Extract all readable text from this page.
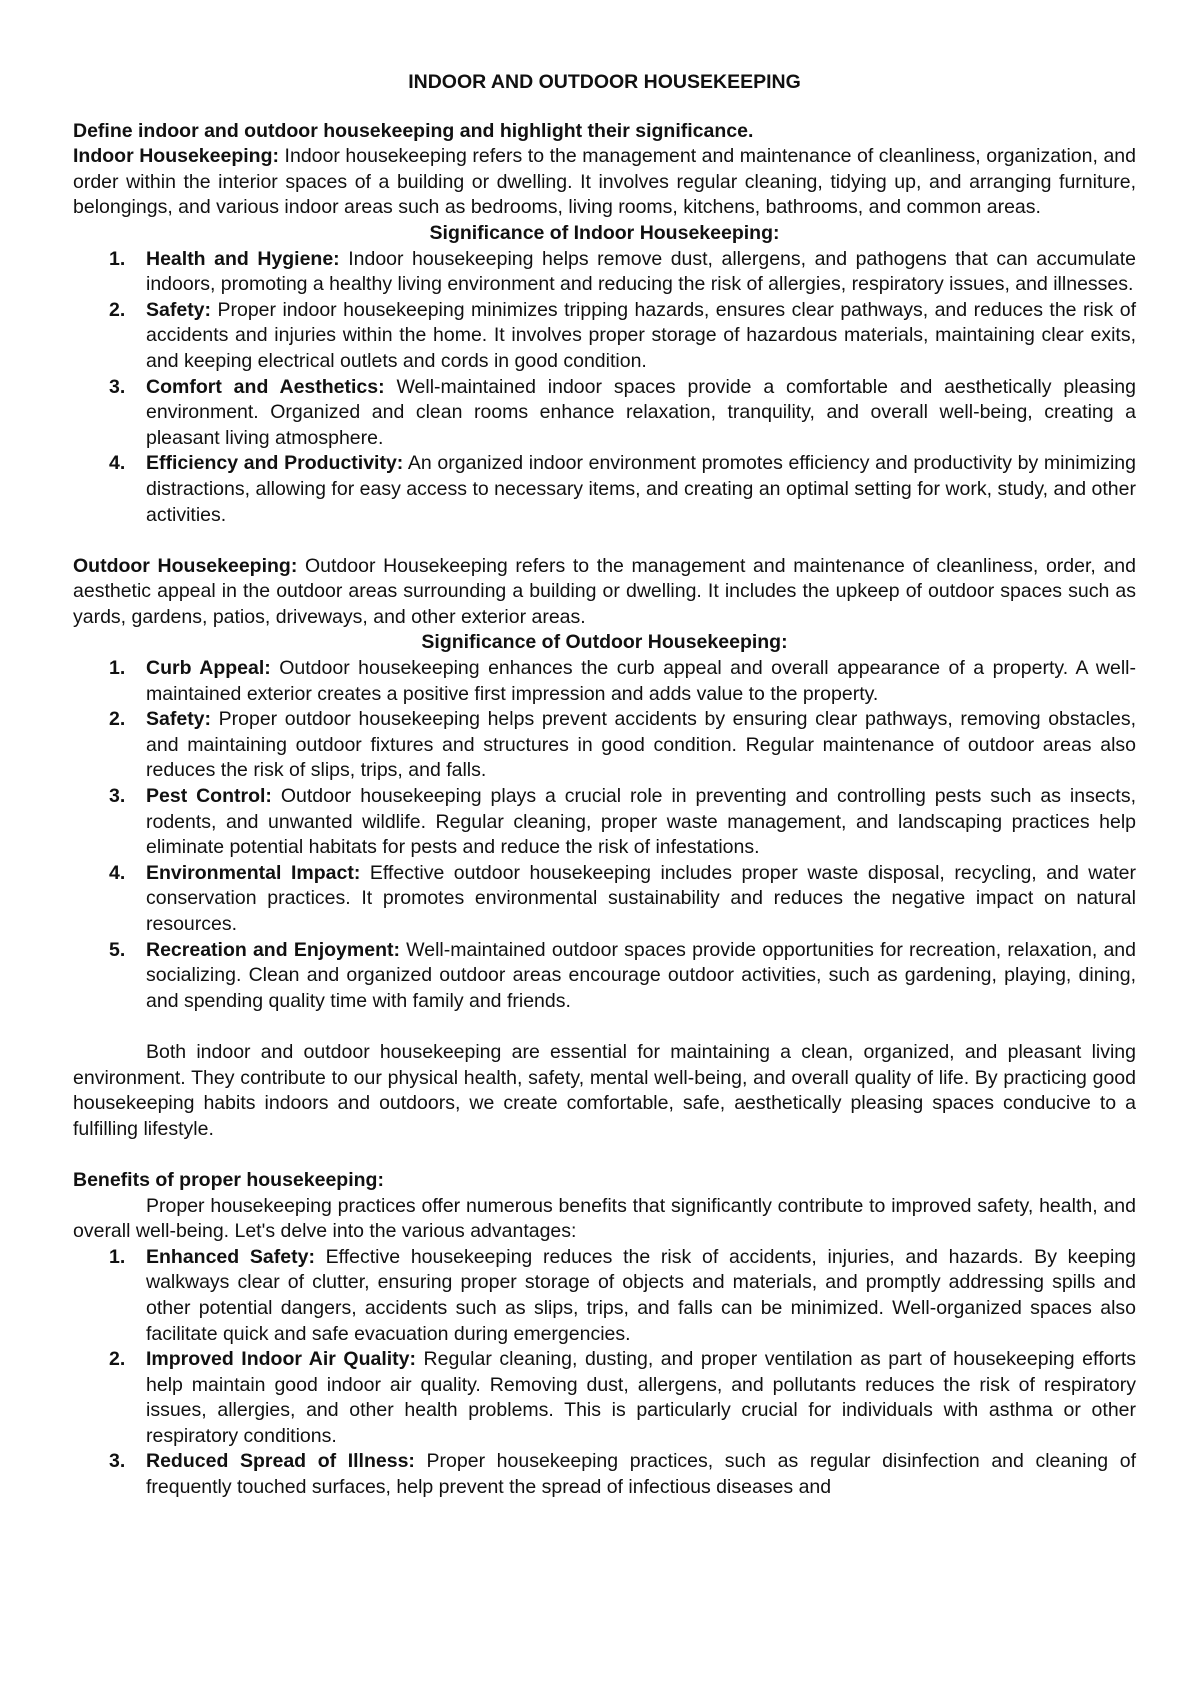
INDOOR AND OUTDOOR HOUSEKEEPING

Define indoor and outdoor housekeeping and highlight their significance.

Indoor Housekeeping: Indoor housekeeping refers to the management and maintenance of cleanliness, organization, and order within the interior spaces of a building or dwelling. It involves regular cleaning, tidying up, and arranging furniture, belongings, and various indoor areas such as bedrooms, living rooms, kitchens, bathrooms, and common areas.

Significance of Indoor Housekeeping:

1. Health and Hygiene: Indoor housekeeping helps remove dust, allergens, and pathogens that can accumulate indoors, promoting a healthy living environment and reducing the risk of allergies, respiratory issues, and illnesses.
2. Safety: Proper indoor housekeeping minimizes tripping hazards, ensures clear pathways, and reduces the risk of accidents and injuries within the home. It involves proper storage of hazardous materials, maintaining clear exits, and keeping electrical outlets and cords in good condition.
3. Comfort and Aesthetics: Well-maintained indoor spaces provide a comfortable and aesthetically pleasing environment. Organized and clean rooms enhance relaxation, tranquility, and overall well-being, creating a pleasant living atmosphere.
4. Efficiency and Productivity: An organized indoor environment promotes efficiency and productivity by minimizing distractions, allowing for easy access to necessary items, and creating an optimal setting for work, study, and other activities.

Outdoor Housekeeping: Outdoor Housekeeping refers to the management and maintenance of cleanliness, order, and aesthetic appeal in the outdoor areas surrounding a building or dwelling. It includes the upkeep of outdoor spaces such as yards, gardens, patios, driveways, and other exterior areas.

Significance of Outdoor Housekeeping:

1. Curb Appeal: Outdoor housekeeping enhances the curb appeal and overall appearance of a property. A well-maintained exterior creates a positive first impression and adds value to the property.
2. Safety: Proper outdoor housekeeping helps prevent accidents by ensuring clear pathways, removing obstacles, and maintaining outdoor fixtures and structures in good condition. Regular maintenance of outdoor areas also reduces the risk of slips, trips, and falls.
3. Pest Control: Outdoor housekeeping plays a crucial role in preventing and controlling pests such as insects, rodents, and unwanted wildlife. Regular cleaning, proper waste management, and landscaping practices help eliminate potential habitats for pests and reduce the risk of infestations.
4. Environmental Impact: Effective outdoor housekeeping includes proper waste disposal, recycling, and water conservation practices. It promotes environmental sustainability and reduces the negative impact on natural resources.
5. Recreation and Enjoyment: Well-maintained outdoor spaces provide opportunities for recreation, relaxation, and socializing. Clean and organized outdoor areas encourage outdoor activities, such as gardening, playing, dining, and spending quality time with family and friends.

Both indoor and outdoor housekeeping are essential for maintaining a clean, organized, and pleasant living environment. They contribute to our physical health, safety, mental well-being, and overall quality of life. By practicing good housekeeping habits indoors and outdoors, we create comfortable, safe, aesthetically pleasing spaces conducive to a fulfilling lifestyle.

Benefits of proper housekeeping:

Proper housekeeping practices offer numerous benefits that significantly contribute to improved safety, health, and overall well-being. Let's delve into the various advantages:

1. Enhanced Safety: Effective housekeeping reduces the risk of accidents, injuries, and hazards. By keeping walkways clear of clutter, ensuring proper storage of objects and materials, and promptly addressing spills and other potential dangers, accidents such as slips, trips, and falls can be minimized. Well-organized spaces also facilitate quick and safe evacuation during emergencies.
2. Improved Indoor Air Quality: Regular cleaning, dusting, and proper ventilation as part of housekeeping efforts help maintain good indoor air quality. Removing dust, allergens, and pollutants reduces the risk of respiratory issues, allergies, and other health problems. This is particularly crucial for individuals with asthma or other respiratory conditions.
3. Reduced Spread of Illness: Proper housekeeping practices, such as regular disinfection and cleaning of frequently touched surfaces, help prevent the spread of infectious diseases and
